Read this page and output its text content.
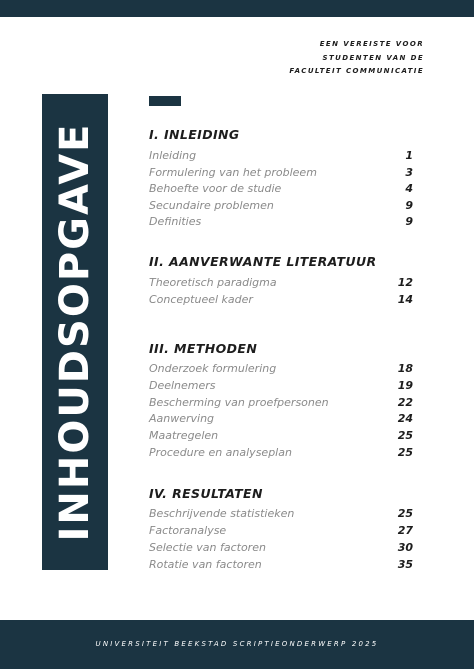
EEN VEREISTE VOOR
STUDENTEN VAN DE
FACULTEIT COMMUNICATIE
INHOUDSOPGAVE	I. INLEIDING
Inleiding	1
Formulering van het probleem	3
Behoefte voor de studie	4
Secundaire problemen	9
Definities	9
II. AANVERWANTE LITERATUUR
Theoretisch paradigma	12
Conceptueel kader	14
III. METHODEN
Onderzoek formulering	18
Deelnemers	19
Bescherming van proefpersonen	22
Aanwerving	24
Maatregelen	25
Procedure en analyseplan	25
IV. RESULTATEN
Beschrijvende statistieken	25
Factoranalyse	27
Selectie van factoren	30
Rotatie van factoren	35
UNIVERSITEIT BEEKSTAD SCRIPTIEONDERWERP 2025
